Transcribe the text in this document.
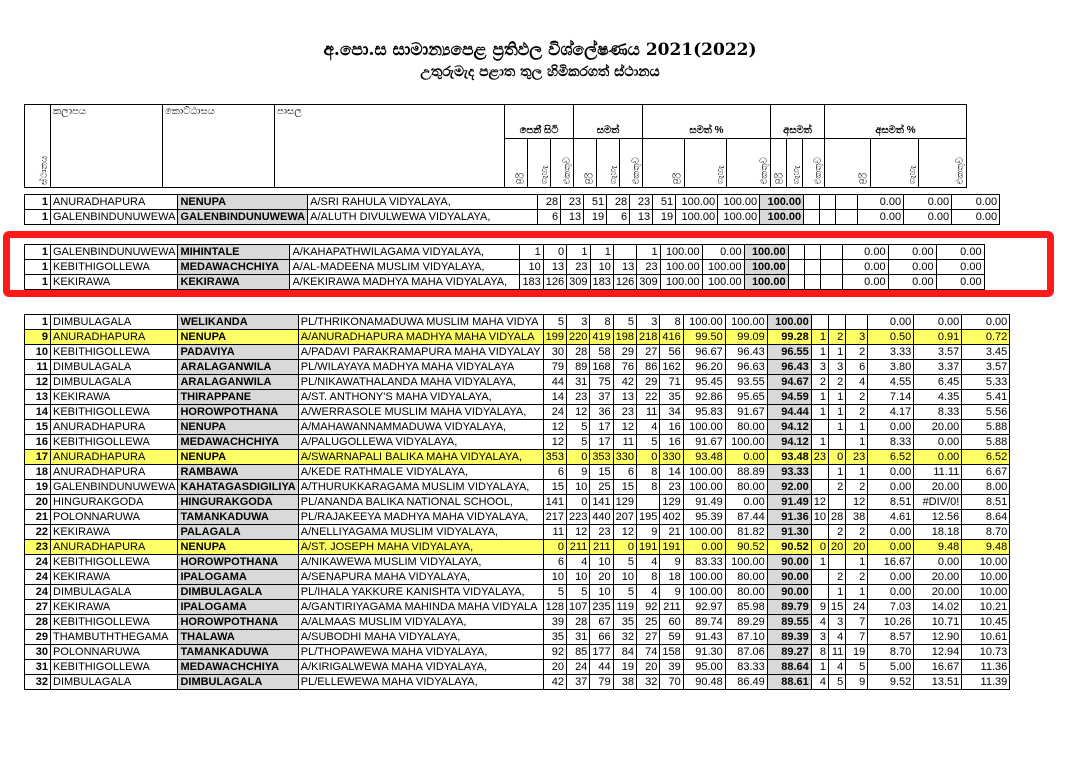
අ.පො.ස සාමාන්‍යපෙළ ප්‍රතිඵල විශ්ලේෂණය 2021(2022)
උතුරුමැද පළාත තුල හිමිකරගත් ස්ථානය
ස්ථානය	කලාපය	කොට්ඨාසය	පාසල	පෙනී සිටි			සමත්			සමත් %			අසමත්			අසමත් %		
				පිරි	ගැහැ	එකතුව	පිරි	ගැහැ	එකතුව	පිරි	ගැහැ	එකතුව	පිරි	ගැහැ	එකතුව	පිරි	ගැහැ	එකතුව
1	ANURADHAPURA	NENUPA	A/SRI RAHULA VIDYALAYA,	28	23	51	28	23	51	100.00	100.00	100.00				0.00	0.00	0.00
1	GALENBINDUNUWEWA	GALENBINDUNUWEWA	A/ALUTH DIVULWEWA VIDYALAYA,	6	13	19	6	13	19	100.00	100.00	100.00				0.00	0.00	0.00
1	GALENBINDUNUWEWA	MIHINTALE	A/KAHAPATHWILAGAMA VIDYALAYA,	1	0	1	1		1	100.00	0.00	100.00				0.00	0.00	0.00
1	KEBITHIGOLLEWA	MEDAWACHCHIYA	A/AL-MADEENA MUSLIM VIDYALAYA,	10	13	23	10	13	23	100.00	100.00	100.00				0.00	0.00	0.00
1	KEKIRAWA	KEKIRAWA	A/KEKIRAWA MADHYA MAHA VIDYALAYA,	183	126	309	183	126	309	100.00	100.00	100.00				0.00	0.00	0.00
1	DIMBULAGALA	WELIKANDA	PL/THRIKONAMADUWA MUSLIM MAHA VIDYA	5	3	8	5	3	8	100.00	100.00	100.00				0.00	0.00	0.00
9	ANURADHAPURA	NENUPA	A/ANURADHAPURA MADHYA MAHA VIDYALA	199	220	419	198	218	416	99.50	99.09	99.28	1	2	3	0.50	0.91	0.72
10	KEBITHIGOLLEWA	PADAVIYA	A/PADAVI PARAKRAMAPURA MAHA VIDYALAY	30	28	58	29	27	56	96.67	96.43	96.55	1	1	2	3.33	3.57	3.45
11	DIMBULAGALA	ARALAGANWILA	PL/WILAYAYA MADHYA MAHA VIDYALAYA	79	89	168	76	86	162	96.20	96.63	96.43	3	3	6	3.80	3.37	3.57
12	DIMBULAGALA	ARALAGANWILA	PL/NIKAWATHALANDA MAHA VIDYALAYA,	44	31	75	42	29	71	95.45	93.55	94.67	2	2	4	4.55	6.45	5.33
13	KEKIRAWA	THIRAPPANE	A/ST. ANTHONY'S MAHA VIDYALAYA,	14	23	37	13	22	35	92.86	95.65	94.59	1	1	2	7.14	4.35	5.41
14	KEBITHIGOLLEWA	HOROWPOTHANA	A/WERRASOLE MUSLIM MAHA VIDYALAYA,	24	12	36	23	11	34	95.83	91.67	94.44	1	1	2	4.17	8.33	5.56
15	ANURADHAPURA	NENUPA	A/MAHAWANNAMMADUWA VIDYALAYA,	12	5	17	12	4	16	100.00	80.00	94.12		1	1	0.00	20.00	5.88
16	KEBITHIGOLLEWA	MEDAWACHCHIYA	A/PALUGOLLEWA VIDYALAYA,	12	5	17	11	5	16	91.67	100.00	94.12	1		1	8.33	0.00	5.88
17	ANURADHAPURA	NENUPA	A/SWARNAPALI BALIKA MAHA VIDYALAYA,	353	0	353	330	0	330	93.48	0.00	93.48	23	0	23	6.52	0.00	6.52
18	ANURADHAPURA	RAMBAWA	A/KEDE RATHMALE VIDYALAYA,	6	9	15	6	8	14	100.00	88.89	93.33		1	1	0.00	11.11	6.67
19	GALENBINDUNUWEWA	KAHATAGASDIGILIYA	A/THURUKKARAGAMA MUSLIM VIDYALAYA,	15	10	25	15	8	23	100.00	80.00	92.00		2	2	0.00	20.00	8.00
20	HINGURAKGODA	HINGURAKGODA	PL/ANANDA BALIKA NATIONAL SCHOOL,	141	0	141	129		129	91.49	0.00	91.49	12		12	8.51	#DIV/0!	8.51
21	POLONNARUWA	TAMANKADUWA	PL/RAJAKEEYA MADHYA MAHA VIDYALAYA,	217	223	440	207	195	402	95.39	87.44	91.36	10	28	38	4.61	12.56	8.64
22	KEKIRAWA	PALAGALA	A/NELLIYAGAMA MUSLIM VIDYALAYA,	11	12	23	12	9	21	100.00	81.82	91.30		2	2	0.00	18.18	8.70
23	ANURADHAPURA	NENUPA	A/ST. JOSEPH MAHA VIDYALAYA,	0	211	211	0	191	191	0.00	90.52	90.52	0	20	20	0.00	9.48	9.48
24	KEBITHIGOLLEWA	HOROWPOTHANA	A/NIKAWEWA MUSLIM VIDYALAYA,	6	4	10	5	4	9	83.33	100.00	90.00	1		1	16.67	0.00	10.00
24	KEKIRAWA	IPALOGAMA	A/SENAPURA MAHA VIDYALAYA,	10	10	20	10	8	18	100.00	80.00	90.00		2	2	0.00	20.00	10.00
24	DIMBULAGALA	DIMBULAGALA	PL/IHALA YAKKURE KANISHTA VIDYALAYA,	5	5	10	5	4	9	100.00	80.00	90.00		1	1	0.00	20.00	10.00
27	KEKIRAWA	IPALOGAMA	A/GANTIRIYAGAMA MAHINDA MAHA VIDYALA	128	107	235	119	92	211	92.97	85.98	89.79	9	15	24	7.03	14.02	10.21
28	KEBITHIGOLLEWA	HOROWPOTHANA	A/ALMAAS MUSLIM VIDYALAYA,	39	28	67	35	25	60	89.74	89.29	89.55	4	3	7	10.26	10.71	10.45
29	THAMBUTHTHEGAMA	THALAWA	A/SUBODHI MAHA VIDYALAYA,	35	31	66	32	27	59	91.43	87.10	89.39	3	4	7	8.57	12.90	10.61
30	POLONNARUWA	TAMANKADUWA	PL/THOPAWEWA MAHA VIDYALAYA,	92	85	177	84	74	158	91.30	87.06	89.27	8	11	19	8.70	12.94	10.73
31	KEBITHIGOLLEWA	MEDAWACHCHIYA	A/KIRIGALWEWA MAHA VIDYALAYA,	20	24	44	19	20	39	95.00	83.33	88.64	1	4	5	5.00	16.67	11.36
32	DIMBULAGALA	DIMBULAGALA	PL/ELLEWEWA MAHA VIDYALAYA,	42	37	79	38	32	70	90.48	86.49	88.61	4	5	9	9.52	13.51	11.39
